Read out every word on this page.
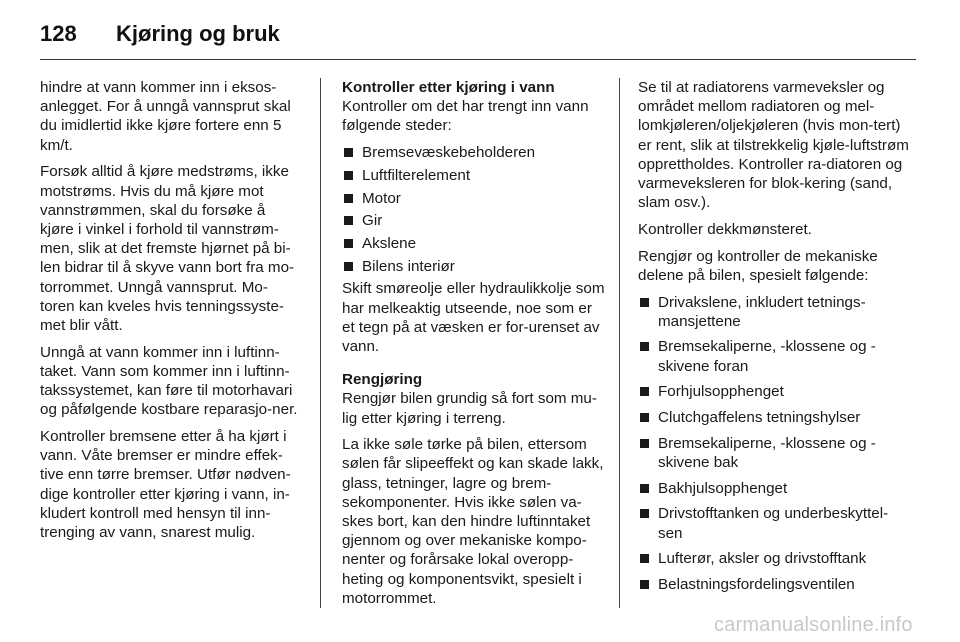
128	Kjøring og bruk

hindre at vann kommer inn i eksos-anlegget. For å unngå vannsprut skal du imidlertid ikke kjøre fortere enn 5 km/t.

Forsøk alltid å kjøre medstrøms, ikke motstrøms. Hvis du må kjøre mot vannstrømmen, skal du forsøke å kjøre i vinkel i forhold til vannstrøm-men, slik at det fremste hjørnet på bi-len bidrar til å skyve vann bort fra mo-torrommet. Unngå vannsprut. Mo-toren kan kveles hvis tenningssyste-met blir vått.

Unngå at vann kommer inn i luftinn-taket. Vann som kommer inn i luftinn-takssystemet, kan føre til motorhavari og påfølgende kostbare reparasjo-ner.

Kontroller bremsene etter å ha kjørt i vann. Våte bremser er mindre effek-tive enn tørre bremser. Utfør nødven-dige kontroller etter kjøring i vann, in-kludert kontroll med hensyn til inn-trenging av vann, snarest mulig.

Kontroller etter kjøring i vann

Kontroller om det har trengt inn vann følgende steder:

Bremsevæskebeholderen
Luftfilterelement
Motor
Gir
Akslene
Bilens interiør

Skift smøreolje eller hydraulikkolje som har melkeaktig utseende, noe som er et tegn på at væsken er for-urenset av vann.

Rengjøring

Rengjør bilen grundig så fort som mu-lig etter kjøring i terreng.

La ikke søle tørke på bilen, ettersom sølen får slipeeffekt og kan skade lakk, glass, tetninger, lagre og brem-sekomponenter. Hvis ikke sølen va-skes bort, kan den hindre luftinntaket gjennom og over mekaniske kompo-nenter og forårsake lokal overopp-heting og komponentsvikt, spesielt i motorrommet.

Se til at radiatorens varmeveksler og området mellom radiatoren og mel-lomkjøleren/oljekjøleren (hvis mon-tert) er rent, slik at tilstrekkelig kjøle-luftstrøm opprettholdes. Kontroller ra-diatoren og varmeveksleren for blok-kering (sand, slam osv.).

Kontroller dekkmønsteret.

Rengjør og kontroller de mekaniske delene på bilen, spesielt følgende:

Drivakslene, inkludert tetnings-mansjettene
Bremsekaliperne, -klossene og -skivene foran
Forhjulsopphenget
Clutchgaffelens tetningshylser
Bremsekaliperne, -klossene og -skivene bak
Bakhjulsopphenget
Drivstofftanken og underbeskyttel-sen
Lufterør, aksler og drivstofftank
Belastningsfordelingsventilen
carmanualsonline.info
